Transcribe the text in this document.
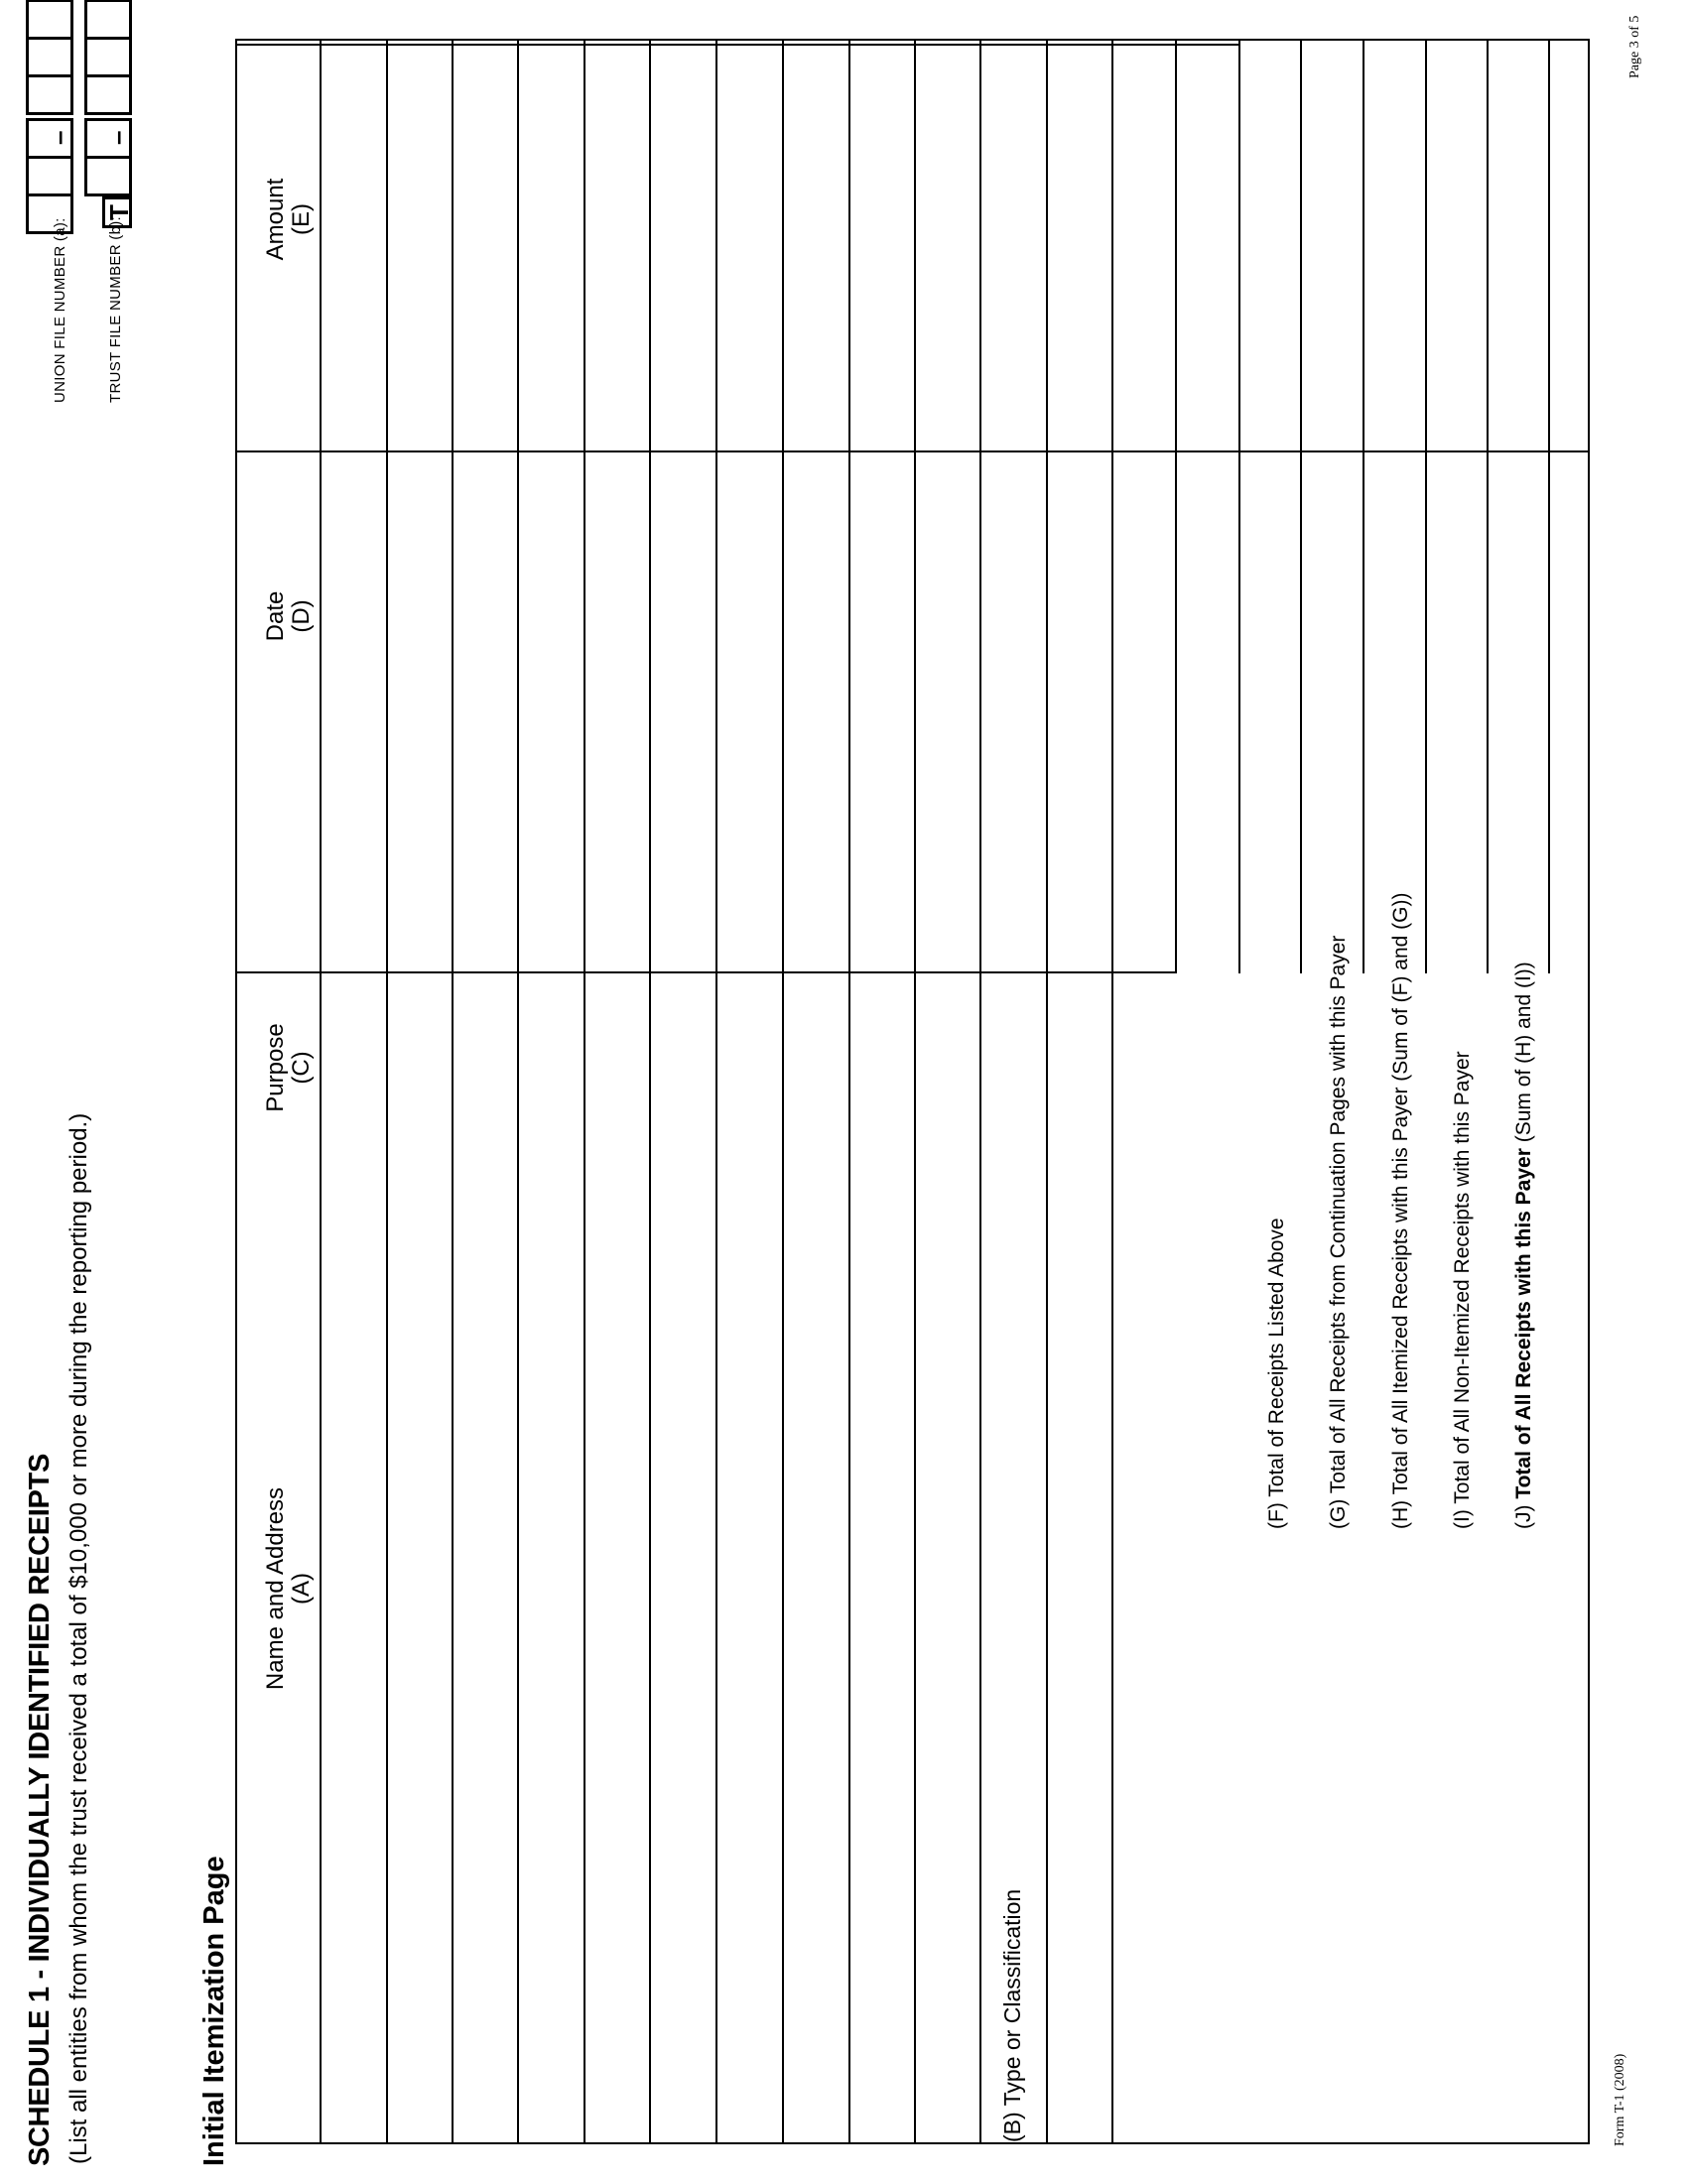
SCHEDULE 1 - INDIVIDUALLY IDENTIFIED RECEIPTS (List all entities from whom the trust received a total of $10,000 or more during the reporting period.)	Initial Itemization Page
UNION FILE NUMBER (a):	TRUST FILE NUMBER (b):
T
– –
Name and Address (A)
Purpose (C)
Date (D)
Amount (E)
(B) Type or Classification
(F) Total of Receipts Listed Above (G) Total of All Receipts from Continuation Pages with this Payer (H) Total of All Itemized Receipts with this Payer (Sum of (F) and (G)) (I) Total of All Non-Itemized Receipts with this Payer (J) Total of All Receipts with this Payer (Sum of (H) and (I))
Form T-1 (2008)
Page 3 of 5
